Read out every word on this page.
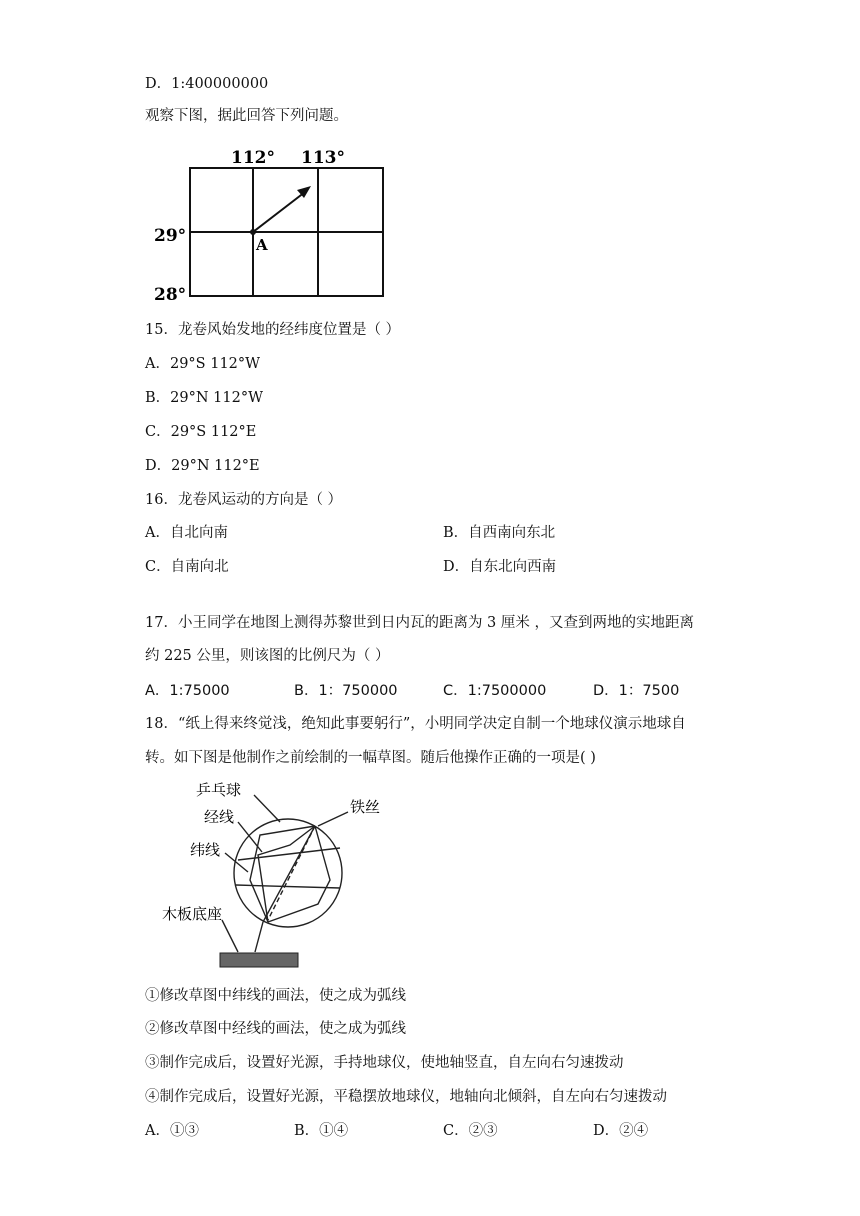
D．1:400000000
观察下图，据此回答下列问题。
112° 113°
29°
28°
A
15．龙卷风始发地的经纬度位置是（ ）
A．29°S 112°W
B．29°N 112°W
C．29°S 112°E
D．29°N 112°E
16．龙卷风运动的方向是（ ）
A．自北向南	B．自西南向东北
C．自南向北	D．自东北向西南
17．小王同学在地图上测得苏黎世到日内瓦的距离为 3 厘米 ，又查到两地的实地距离
约 225 公里，则该图的比例尺为（ ）
A．1:75000	B．1：750000	C．1:7500000	D．1：7500
18．“纸上得来终觉浅，绝知此事要躬行”，小明同学决定自制一个地球仪演示地球自
转。如下图是他制作之前绘制的一幅草图。随后他操作正确的一项是( )
乒乓球
经线
铁丝
纬线
木板底座
①修改草图中纬线的画法，使之成为弧线
②修改草图中经线的画法，使之成为弧线
③制作完成后，设置好光源，手持地球仪，使地轴竖直，自左向右匀速拨动
④制作完成后，设置好光源，平稳摆放地球仪，地轴向北倾斜，自左向右匀速拨动
A．①③	B．①④	C．②③	D．②④
